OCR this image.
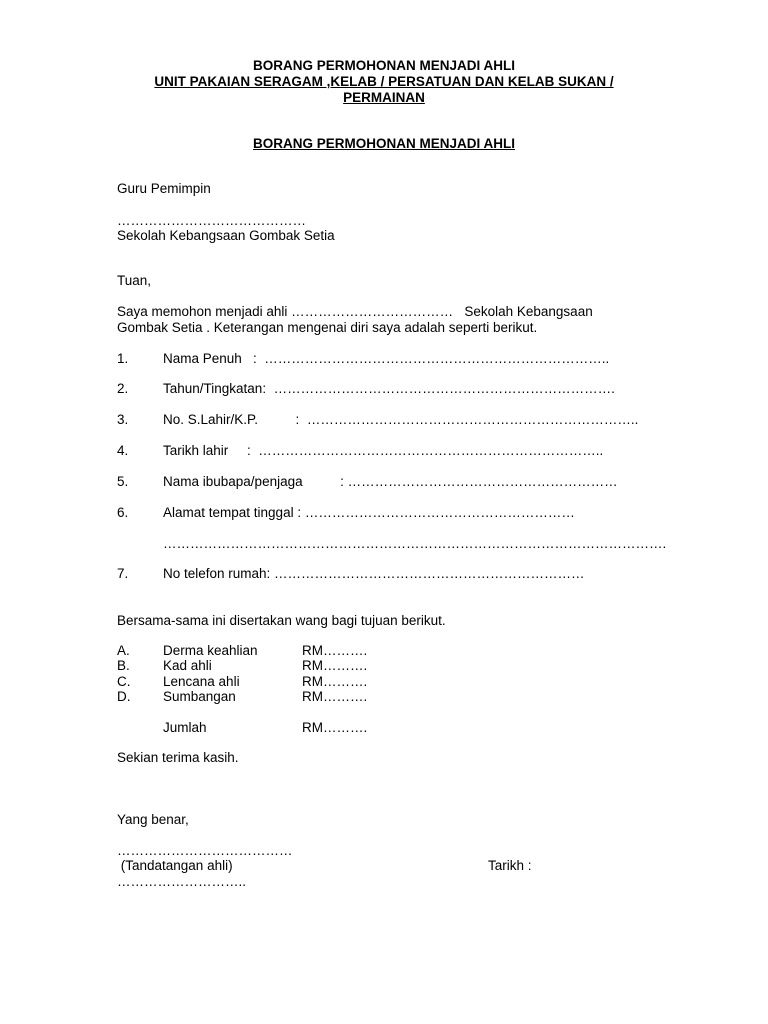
BORANG PERMOHONAN MENJADI AHLI
UNIT PAKAIAN SERAGAM ,KELAB / PERSATUAN DAN KELAB SUKAN /
PERMAINAN
BORANG PERMOHONAN MENJADI AHLI
Guru Pemimpin
……………………………………
Sekolah Kebangsaan Gombak Setia
Tuan,
Saya memohon menjadi ahli ………………………………   Sekolah Kebangsaan
Gombak Setia . Keterangan mengenai diri saya adalah seperti berikut.
1.	Nama Penuh   :  …………………………………………………………………..
2.	Tahun/Tingkatan:  ………………………………………………………………….
3.	No. S.Lahir/K.P.          :  ………………………………………………………………..
4.	Tarikh lahir     :  …………………………………………………………………..
5.	Nama ibubapa/penjaga          : ……………………………………………………
6.	Alamat tempat tinggal : ……………………………………………………
………………………………………………………………………………………………….
7.	No telefon rumah: ……………………………………………………………
Bersama-sama ini disertakan wang bagi tujuan berikut.
A. Derma keahlian	RM……….
B. Kad ahli	RM……….
C. Lencana ahli	RM……….
D. Sumbangan	RM……….
Jumlah	RM……….
Sekian terima kasih.
Yang benar,
…………………………………
(Tandatangan ahli)	Tarikh :
………………………..
